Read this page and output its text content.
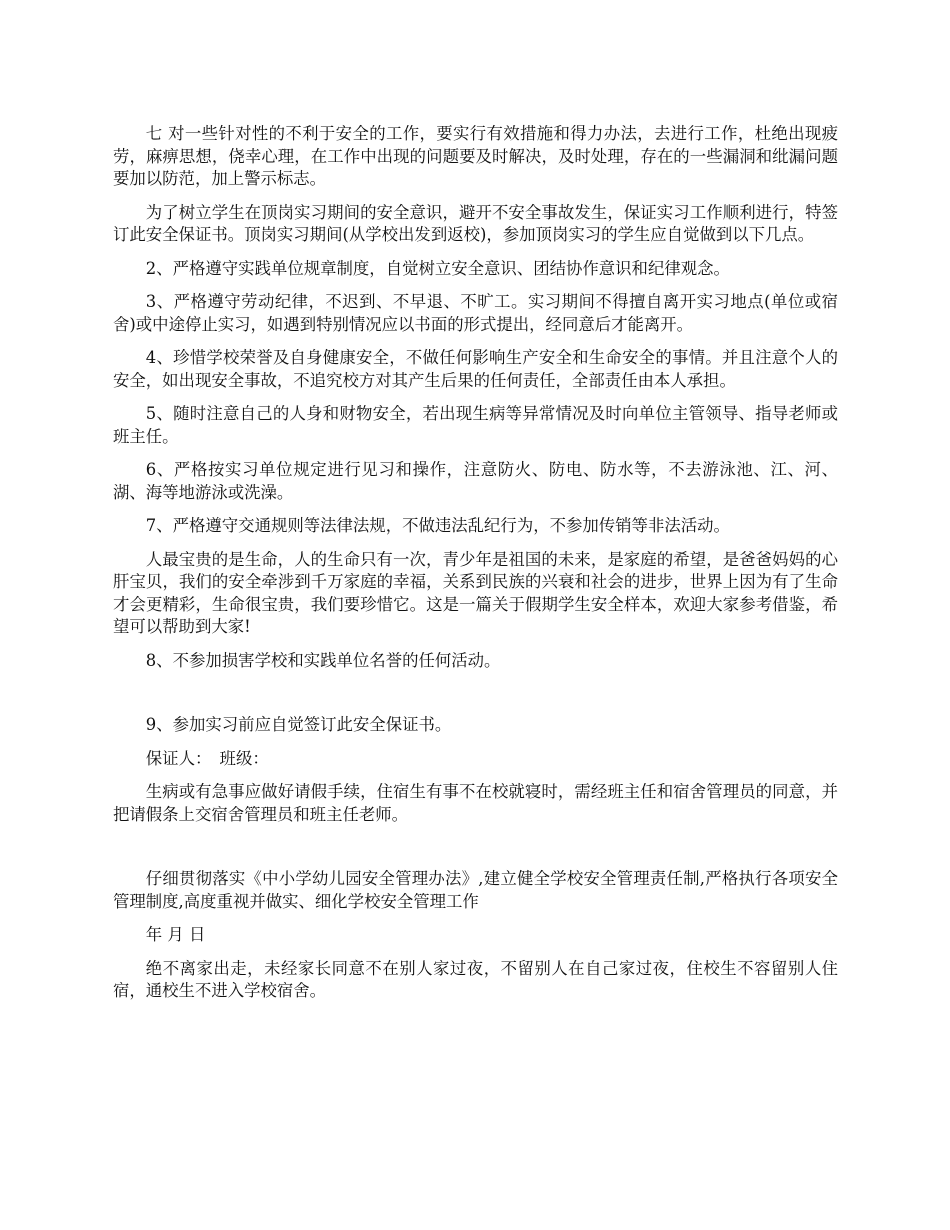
七 对一些针对性的不利于安全的工作，要实行有效措施和得力办法，去进行工作，杜绝出现疲劳，麻痹思想，侥幸心理，在工作中出现的问题要及时解决，及时处理，存在的一些漏洞和纰漏问题要加以防范，加上警示标志。

为了树立学生在顶岗实习期间的安全意识，避开不安全事故发生，保证实习工作顺利进行，特签订此安全保证书。顶岗实习期间(从学校出发到返校)，参加顶岗实习的学生应自觉做到以下几点。

2、严格遵守实践单位规章制度，自觉树立安全意识、团结协作意识和纪律观念。

3、严格遵守劳动纪律，不迟到、不早退、不旷工。实习期间不得擅自离开实习地点(单位或宿舍)或中途停止实习，如遇到特别情况应以书面的形式提出，经同意后才能离开。

4、珍惜学校荣誉及自身健康安全，不做任何影响生产安全和生命安全的事情。并且注意个人的安全，如出现安全事故，不追究校方对其产生后果的任何责任，全部责任由本人承担。

5、随时注意自己的人身和财物安全，若出现生病等异常情况及时向单位主管领导、指导老师或班主任。

6、严格按实习单位规定进行见习和操作，注意防火、防电、防水等，不去游泳池、江、河、湖、海等地游泳或洗澡。

7、严格遵守交通规则等法律法规，不做违法乱纪行为，不参加传销等非法活动。

人最宝贵的是生命，人的生命只有一次，青少年是祖国的未来，是家庭的希望，是爸爸妈妈的心肝宝贝，我们的安全牵涉到千万家庭的幸福，关系到民族的兴衰和社会的进步，世界上因为有了生命才会更精彩，生命很宝贵，我们要珍惜它。这是一篇关于假期学生安全样本，欢迎大家参考借鉴，希望可以帮助到大家!

8、不参加损害学校和实践单位名誉的任何活动。

9、参加实习前应自觉签订此安全保证书。

保证人：　班级：

生病或有急事应做好请假手续，住宿生有事不在校就寝时，需经班主任和宿舍管理员的同意，并把请假条上交宿舍管理员和班主任老师。

仔细贯彻落实《中小学幼儿园安全管理办法》,建立健全学校安全管理责任制,严格执行各项安全管理制度,高度重视并做实、细化学校安全管理工作

年 月 日

绝不离家出走，未经家长同意不在别人家过夜，不留别人在自己家过夜，住校生不容留别人住宿，通校生不进入学校宿舍。
